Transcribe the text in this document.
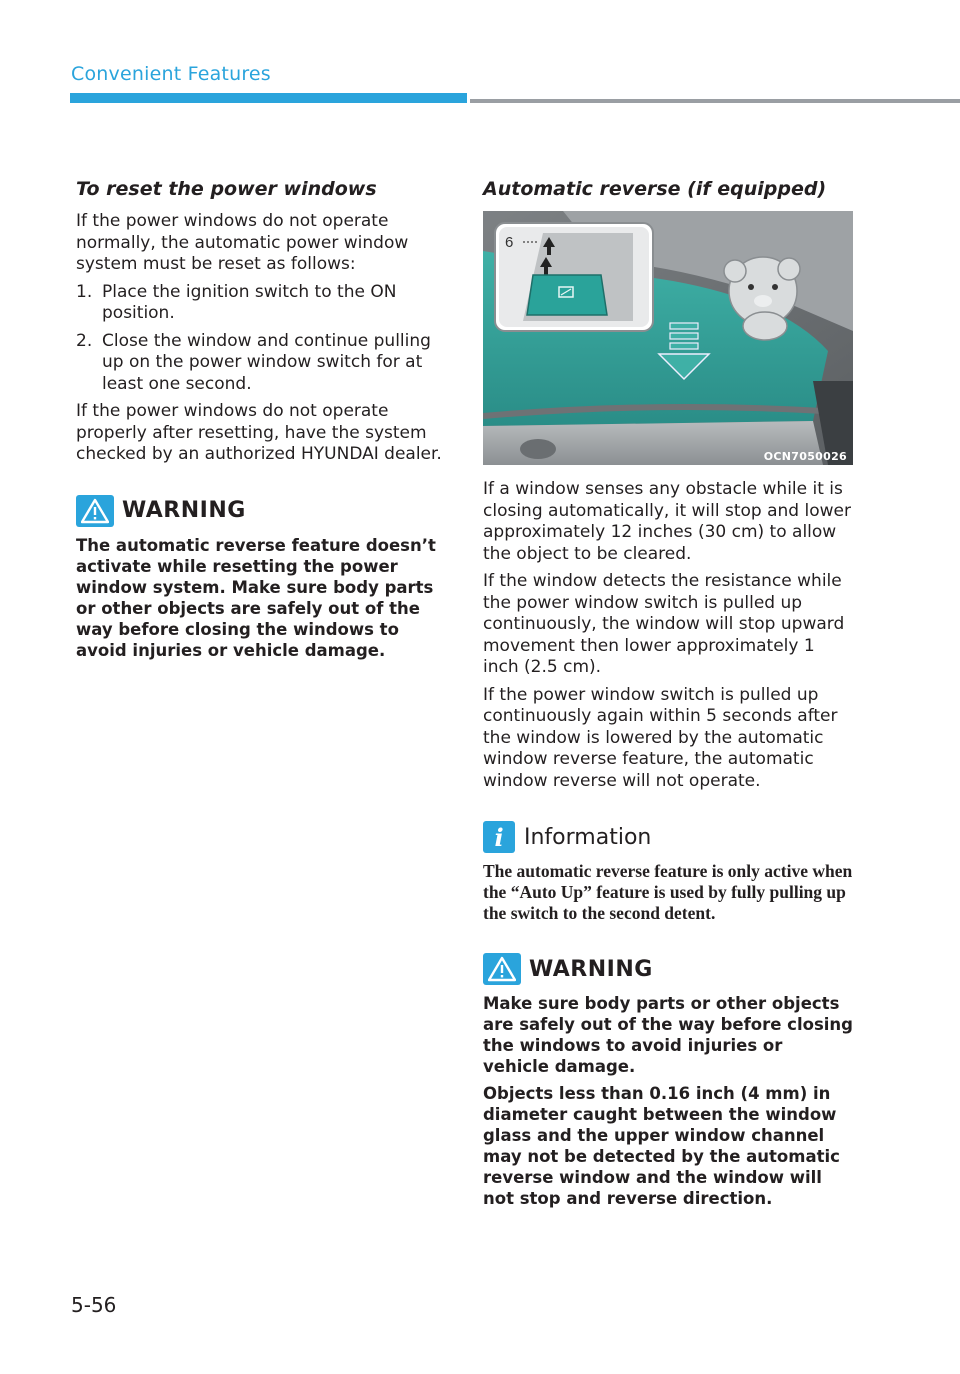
Convenient Features
To reset the power windows

If the power windows do not operate normally, the automatic power window system must be reset as follows:

1. Place the ignition switch to the ON position.
2. Close the window and continue pulling up on the power window switch for at least one second.

If the power windows do not operate properly after resetting, have the system checked by an authorized HYUNDAI dealer.

WARNING

The automatic reverse feature doesn’t activate while resetting the power window system. Make sure body parts or other objects are safely out of the way before closing the windows to avoid injuries or vehicle damage.

Automatic reverse (if equipped)
6
OCN7050026

If a window senses any obstacle while it is closing automatically, it will stop and lower approximately 12 inches (30 cm) to allow the object to be cleared.

If the window detects the resistance while the power window switch is pulled up continuously, the window will stop upward movement then lower approximately 1 inch (2.5 cm).

If the power window switch is pulled up continuously again within 5 seconds after the window is lowered by the automatic window reverse feature, the automatic window reverse will not operate.

i Information

The automatic reverse feature is only active when the “Auto Up” feature is used by fully pulling up the switch to the second detent.

WARNING

Make sure body parts or other objects are safely out of the way before closing the windows to avoid injuries or vehicle damage.

Objects less than 0.16 inch (4 mm) in diameter caught between the window glass and the upper window channel may not be detected by the automatic reverse window and the window will not stop and reverse direction.

5-56
